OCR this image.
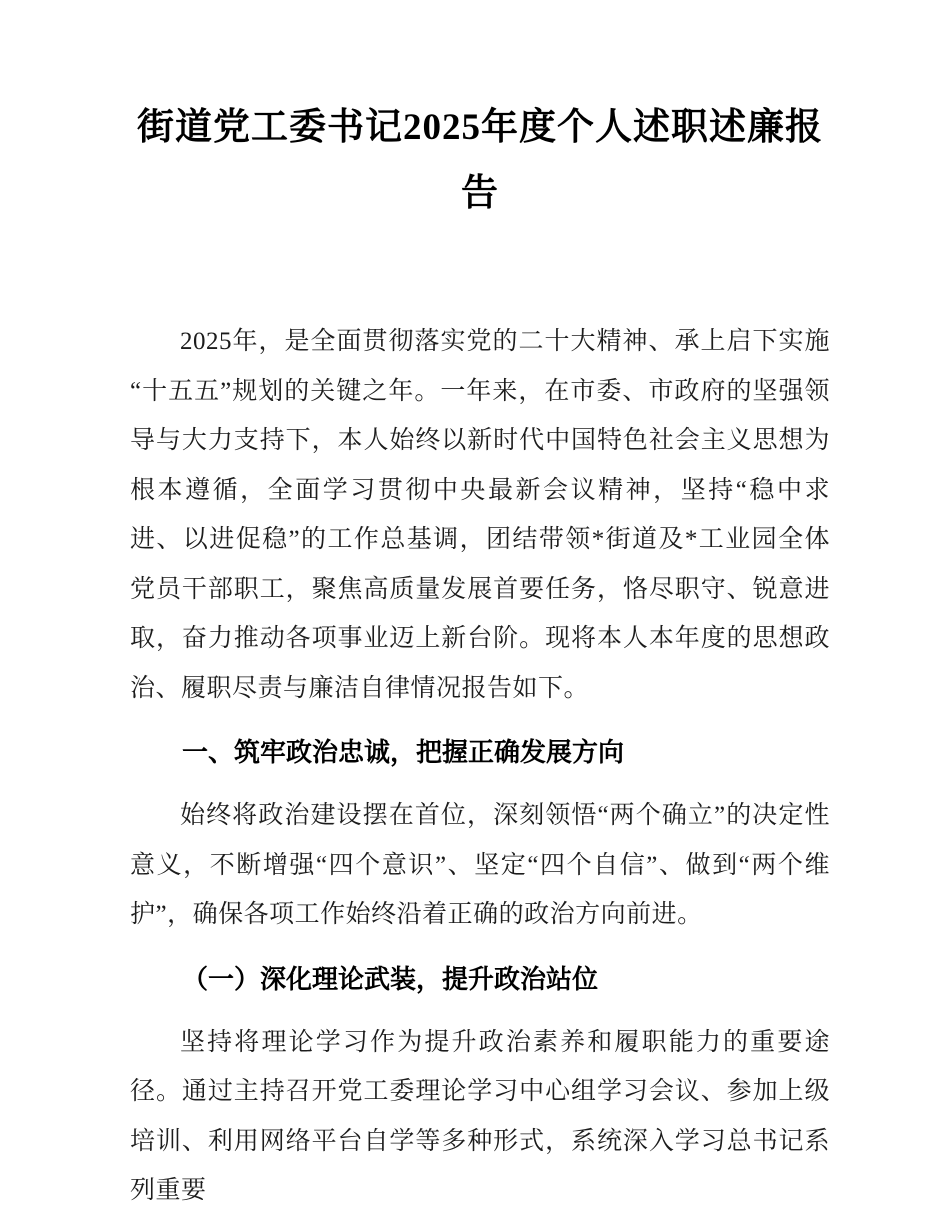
街道党工委书记2025年度个人述职述廉报告

2025年，是全面贯彻落实党的二十大精神、承上启下实施“十五五”规划的关键之年。一年来，在市委、市政府的坚强领导与大力支持下，本人始终以新时代中国特色社会主义思想为根本遵循，全面学习贯彻中央最新会议精神，坚持“稳中求进、以进促稳”的工作总基调，团结带领*街道及*工业园全体党员干部职工，聚焦高质量发展首要任务，恪尽职守、锐意进取，奋力推动各项事业迈上新台阶。现将本人本年度的思想政治、履职尽责与廉洁自律情况报告如下。

一、筑牢政治忠诚，把握正确发展方向

始终将政治建设摆在首位，深刻领悟“两个确立”的决定性意义，不断增强“四个意识”、坚定“四个自信”、做到“两个维护”，确保各项工作始终沿着正确的政治方向前进。

（一）深化理论武装，提升政治站位

坚持将理论学习作为提升政治素养和履职能力的重要途径。通过主持召开党工委理论学习中心组学习会议、参加上级培训、利用网络平台自学等多种形式，系统深入学习总书记系列重要
